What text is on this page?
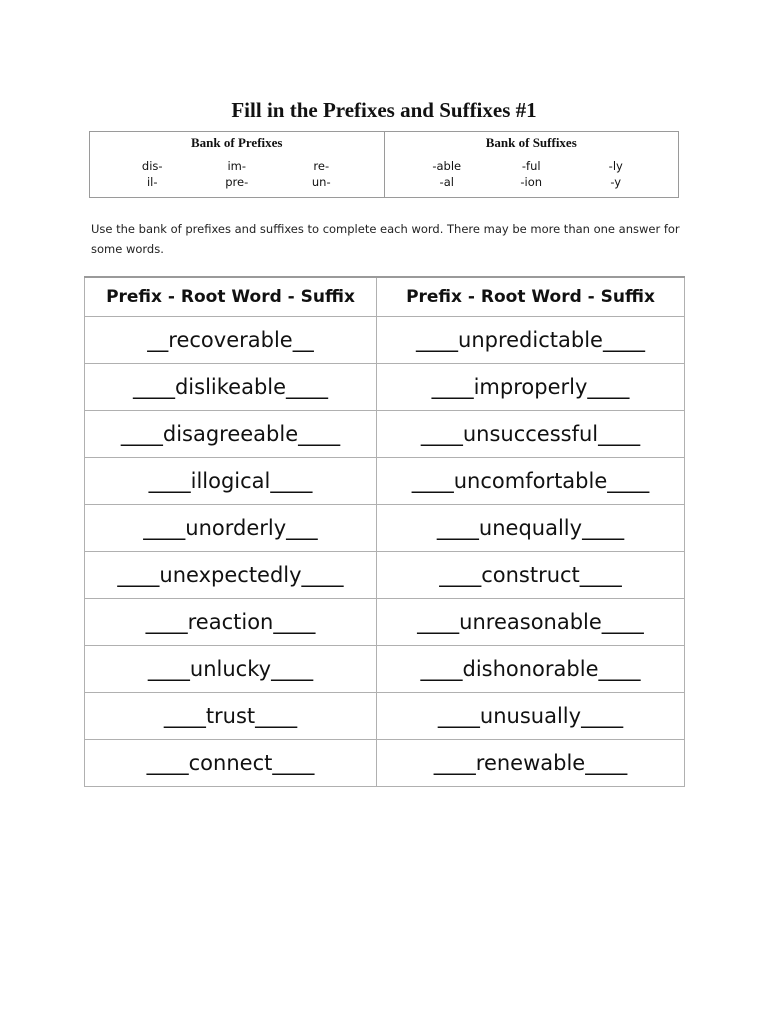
Fill in the Prefixes and Suffixes #1
Bank of Prefixes
dis-	im-	re-
il-	pre-	un-
Bank of Suffixes
-able	-ful	-ly
-al	-ion	-y
Use the bank of prefixes and suffixes to complete each word. There may be more than one answer for some words.
Prefix - Root Word - Suffix	Prefix - Root Word - Suffix
__recoverable__	____unpredictable____
____dislikeable____	____improperly____
____disagreeable____	____unsuccessful____
____illogical____	____uncomfortable____
____unorderly___	____unequally____
____unexpectedly____	____construct____
____reaction____	____unreasonable____
____unlucky____	____dishonorable____
____trust____	____unusually____
____connect____	____renewable____
